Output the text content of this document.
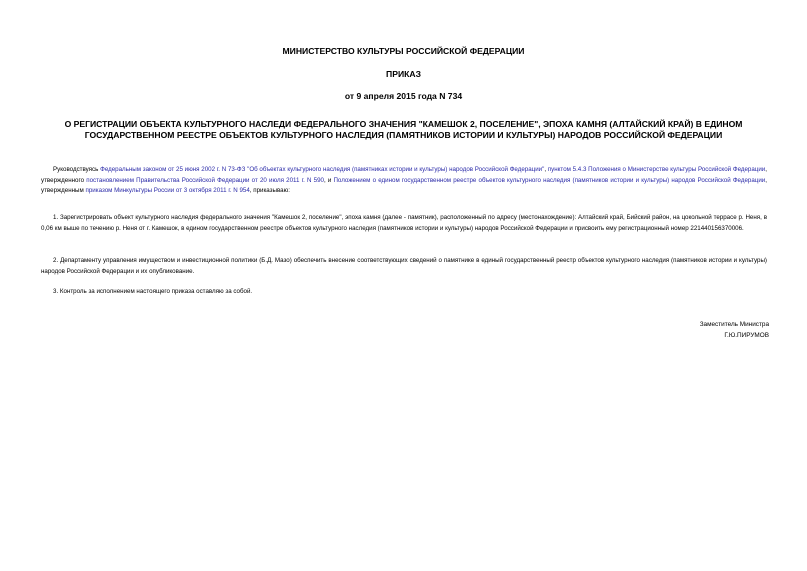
МИНИСТЕРСТВО КУЛЬТУРЫ РОССИЙСКОЙ ФЕДЕРАЦИИ
ПРИКАЗ
от 9 апреля 2015 года N 734
О РЕГИСТРАЦИИ ОБЪЕКТА КУЛЬТУРНОГО НАСЛЕДИ ФЕДЕРАЛЬНОГО ЗНАЧЕНИЯ "КАМЕШОК 2, ПОСЕЛЕНИЕ", ЭПОХА КАМНЯ (АЛТАЙСКИЙ КРАЙ) В ЕДИНОМ
ГОСУДАРСТВЕННОМ РЕЕСТРЕ ОБЪЕКТОВ КУЛЬТУРНОГО НАСЛЕДИЯ (ПАМЯТНИКОВ ИСТОРИИ И КУЛЬТУРЫ) НАРОДОВ РОССИЙСКОЙ ФЕДЕРАЦИИ
Руководствуясь Федеральным законом от 25 июня 2002 г. N 73-ФЗ "Об объектах культурного наследия (памятниках истории и культуры) народов Российской Федерации", пунктом 5.4.3 Положения о Министерстве культуры Российской Федерации, утвержденного постановлением Правительства Российской Федерации от 20 июля 2011 г. N 590, и Положением о едином государственном реестре объектов культурного наследия (памятников истории и культуры) народов Российской Федерации, утвержденным приказом Минкультуры России от 3 октября 2011 г. N 954, приказываю:
1. Зарегистрировать объект культурного наследия федерального значения "Камешок 2, поселение", эпоха камня (далее - памятник), расположенный по адресу (местонахождение): Алтайский край, Бийский район, на цокольной террасе р. Неня, в 0,06 км выше по течению р. Неня от г. Камешок, в едином государственном реестре объектов культурного наследия (памятников истории и культуры) народов Российской Федерации и присвоить ему регистрационный номер 221440156370006.
2. Департаменту управления имуществом и инвестиционной политики (Б.Д. Мазо) обеспечить внесение соответствующих сведений о памятнике в единый государственный реестр объектов культурного наследия (памятников истории и культуры) народов Российской Федерации и их опубликование.
3. Контроль за исполнением настоящего приказа оставляю за собой.
Заместитель Министра
Г.Ю.ПИРУМОВ
